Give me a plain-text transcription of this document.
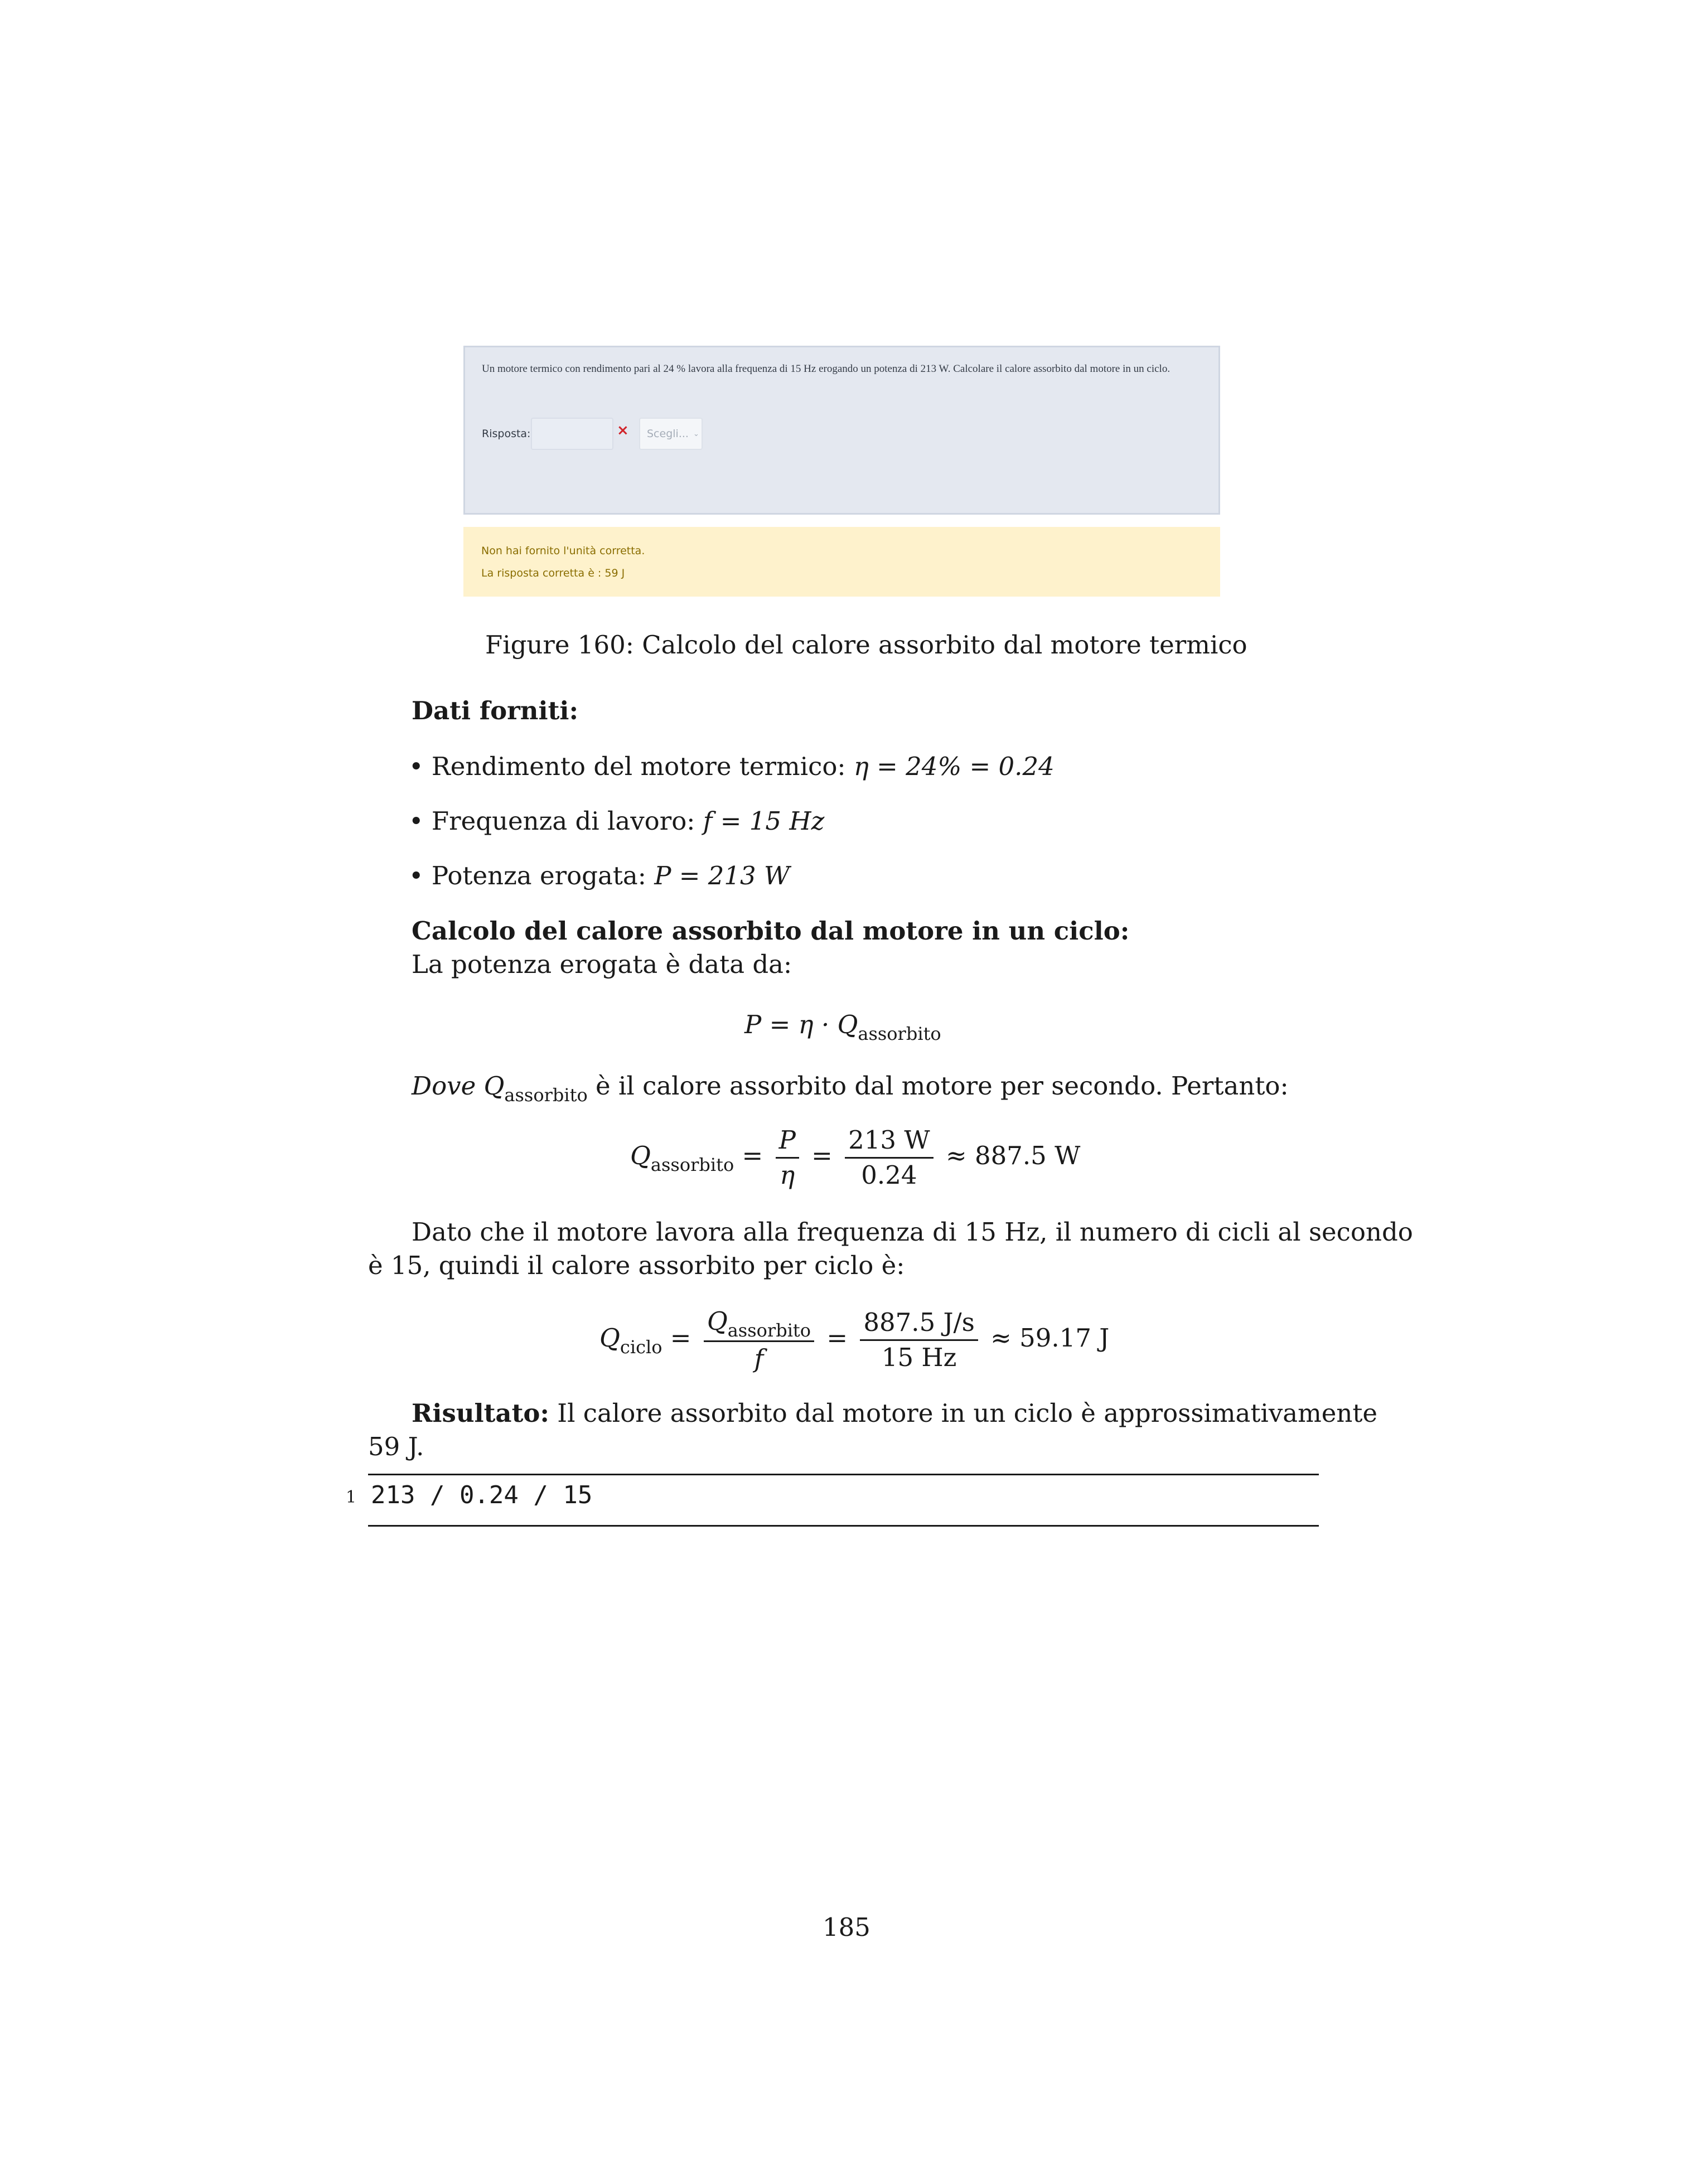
Un motore termico con rendimento pari al 24 % lavora alla frequenza di 15 Hz erogando un potenza di 213 W. Calcolare il calore assorbito dal motore in un ciclo.
Risposta:	×	Scegli... ⌄
Non hai fornito l'unità corretta.
La risposta corretta è : 59 J
Figure 160: Calcolo del calore assorbito dal motore termico
Dati forniti:
• Rendimento del motore termico: η = 24% = 0.24
• Frequenza di lavoro: f = 15 Hz
• Potenza erogata: P = 213 W
Calcolo del calore assorbito dal motore in un ciclo:
La potenza erogata è data da:
$P = \eta \cdot Q_{assorbito}$
Dove $Q_{assorbito}$ è il calore assorbito dal motore per secondo. Pertanto:
$Q_{assorbito} = \frac{P}{\eta} = \frac{213 W}{0.24} \approx 887.5$ W
Dato che il motore lavora alla frequenza di 15 Hz, il numero di cicli al secondo
è 15, quindi il calore assorbito per ciclo è:
$Q_{ciclo} = \frac{Q_{assorbito}}{f} = \frac{887.5 J/s}{15 Hz} \approx 59.17$ J
Risultato: Il calore assorbito dal motore in un ciclo è approssimativamente
59 J.
1 213 / 0.24 / 15
185
